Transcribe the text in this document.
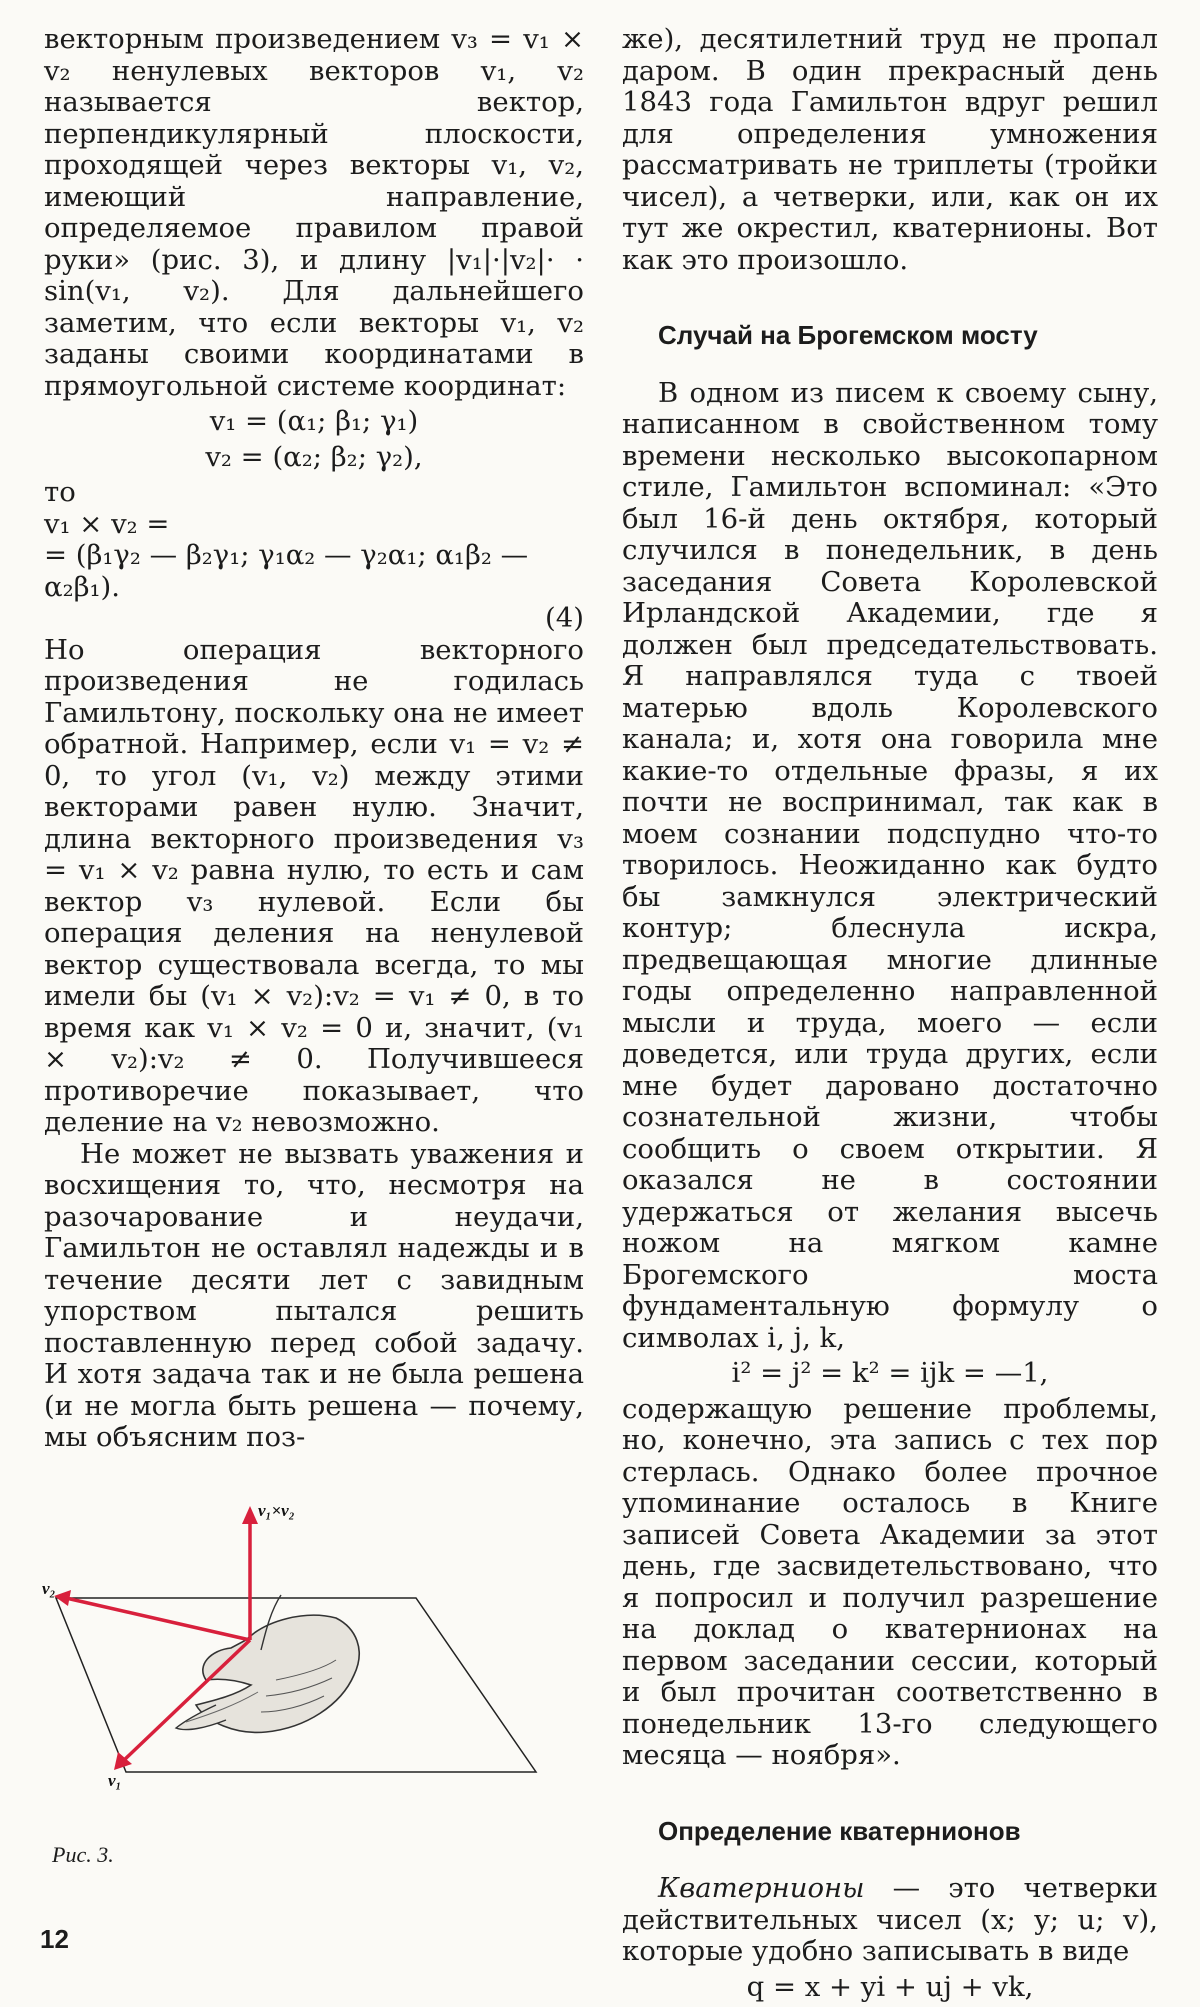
векторным произведением v₃ = v₁ × v₂ ненулевых векторов v₁, v₂ называется вектор, перпендикулярный плоскости, проходящей через векторы v₁, v₂, имеющий направление, определяемое правилом правой руки» (рис. 3), и длину |v₁|·|v₂|· · sin(v₁, v₂). Для дальнейшего заметим, что если векторы v₁, v₂ заданы своими координатами в прямоугольной системе координат:

v₁ = (α₁; β₁; γ₁)

v₂ = (α₂; β₂; γ₂),

то

v₁ × v₂ =

= (β₁γ₂ — β₂γ₁; γ₁α₂ — γ₂α₁; α₁β₂ — α₂β₁).

(4)

Но операция векторного произведения не годилась Гамильтону, поскольку она не имеет обратной. Например, если v₁ = v₂ ≠ 0, то угол (v₁, v₂) между этими векторами равен нулю. Значит, длина векторного произведения v₃ = v₁ × v₂ равна нулю, то есть и сам вектор v₃ нулевой. Если бы операция деления на ненулевой вектор существовала всегда, то мы имели бы (v₁ × v₂):v₂ = v₁ ≠ 0, в то время как v₁ × v₂ = 0 и, значит, (v₁ × v₂):v₂ ≠ 0. Получившееся противоречие показывает, что деление на v₂ невозможно.

Не может не вызвать уважения и восхищения то, что, несмотря на разочарование и неудачи, Гамильтон не оставлял надежды и в течение десяти лет с завидным упорством пытался решить поставленную перед собой задачу. И хотя задача так и не была решена (и не могла быть решена — почему, мы объясним поз-

v₁×v₂
v₂
v₁
Рис. 3.

же), десятилетний труд не пропал даром. В один прекрасный день 1843 года Гамильтон вдруг решил для определения умножения рассматривать не триплеты (тройки чисел), а четверки, или, как он их тут же окрестил, кватернионы. Вот как это произошло.

Случай на Брогемском мосту

В одном из писем к своему сыну, написанном в свойственном тому времени несколько высокопарном стиле, Гамильтон вспоминал: «Это был 16-й день октября, который случился в понедельник, в день заседания Совета Королевской Ирландской Академии, где я должен был председательствовать. Я направлялся туда с твоей матерью вдоль Королевского канала; и, хотя она говорила мне какие-то отдельные фразы, я их почти не воспринимал, так как в моем сознании подспудно что-то творилось. Неожиданно как будто бы замкнулся электрический контур; блеснула искра, предвещающая многие длинные годы определенно направленной мысли и труда, моего — если доведется, или труда других, если мне будет даровано достаточно сознательной жизни, чтобы сообщить о своем открытии. Я оказался не в состоянии удержаться от желания высечь ножом на мягком камне Брогемского моста фундаментальную формулу о символах i, j, k,

i² = j² = k² = ijk = —1,

содержащую решение проблемы, но, конечно, эта запись с тех пор стерлась. Однако более прочное упоминание осталось в Книге записей Совета Академии за этот день, где засвидетельствовано, что я попросил и получил разрешение на доклад о кватернионах на первом заседании сессии, который и был прочитан соответственно в понедельник 13-го следующего месяца — ноября».

Определение кватернионов

Кватернионы — это четверки действительных чисел (x; y; u; v), которые удобно записывать в виде

q = x + yi + uj + vk,

12
